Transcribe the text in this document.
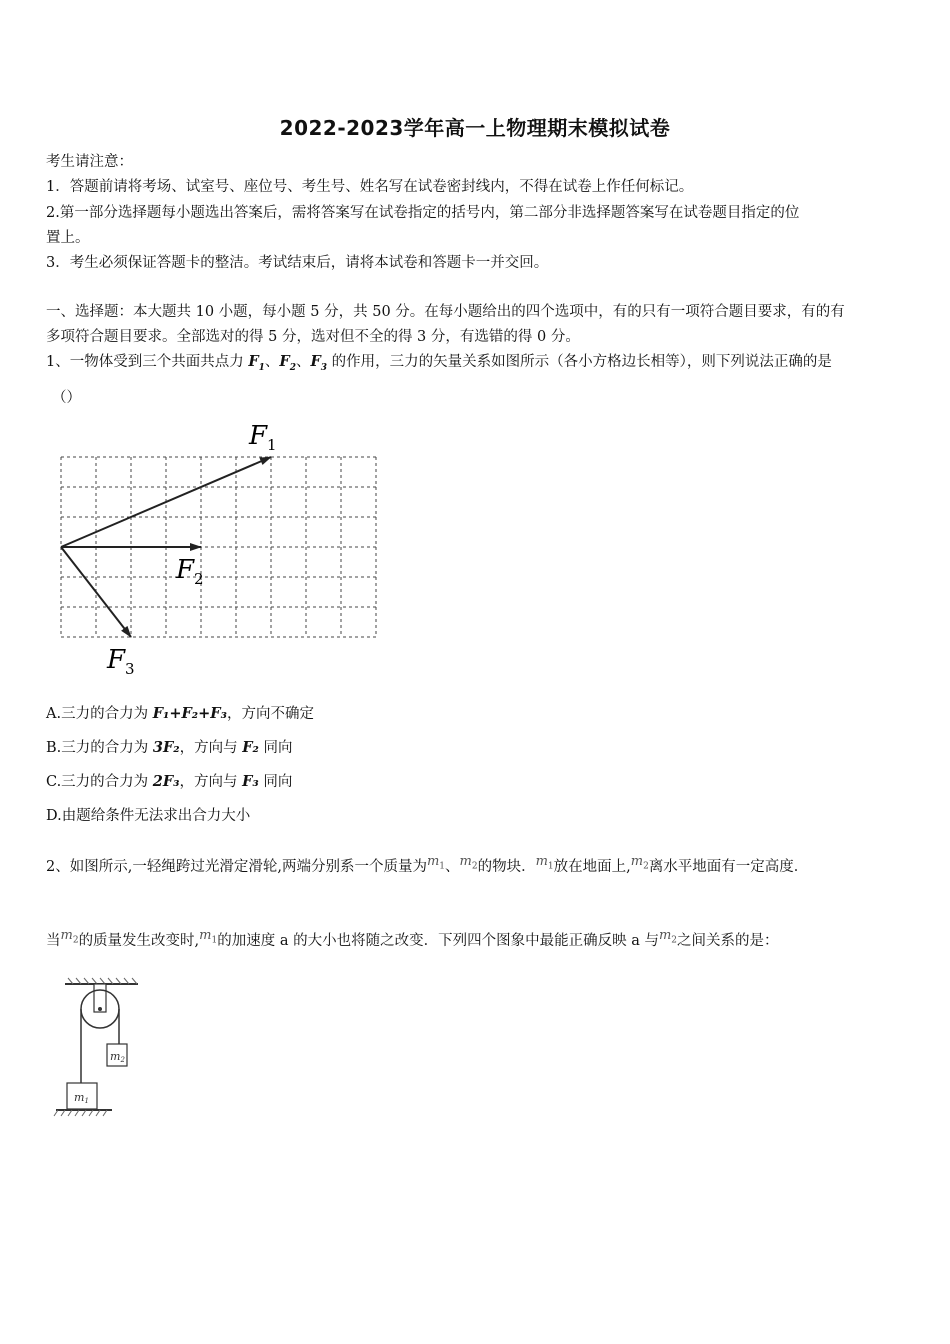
2022-2023学年高一上物理期末模拟试卷
考生请注意：
1．答题前请将考场、试室号、座位号、考生号、姓名写在试卷密封线内，不得在试卷上作任何标记。
2.第一部分选择题每小题选出答案后，需将答案写在试卷指定的括号内，第二部分非选择题答案写在试卷题目指定的位
置上。
3．考生必须保证答题卡的整洁。考试结束后，请将本试卷和答题卡一并交回。
一、选择题：本大题共 10 小题，每小题 5 分，共 50 分。在每小题给出的四个选项中，有的只有一项符合题目要求，有的有
多项符合题目要求。全部选对的得 5 分，选对但不全的得 3 分，有选错的得 0 分。
1、一物体受到三个共面共点力 $F_1$、$F_2$、$F_3$ 的作用，三力的矢量关系如图所示（各小方格边长相等），则下列说法正确的是
（）
$F_1$
$F_2$
$F_3$
A.三力的合力为 F₁+F₂+F₃，方向不确定
B.三力的合力为 3F₂，方向与 F₂ 同向
C.三力的合力为 2F₃，方向与 F₃ 同向
D.由题给条件无法求出合力大小
2、如图所示,一轻绳跨过光滑定滑轮,两端分别系一个质量为$m_1$、$m_2$的物块．$m_1$放在地面上$,m_2$离水平地面有一定高度．
当$m_2$的质量发生改变时$,m_1$的加速度 a 的大小也将随之改变．下列四个图象中最能正确反映 a 与$m_2$之间关系的是：
m2
m1
